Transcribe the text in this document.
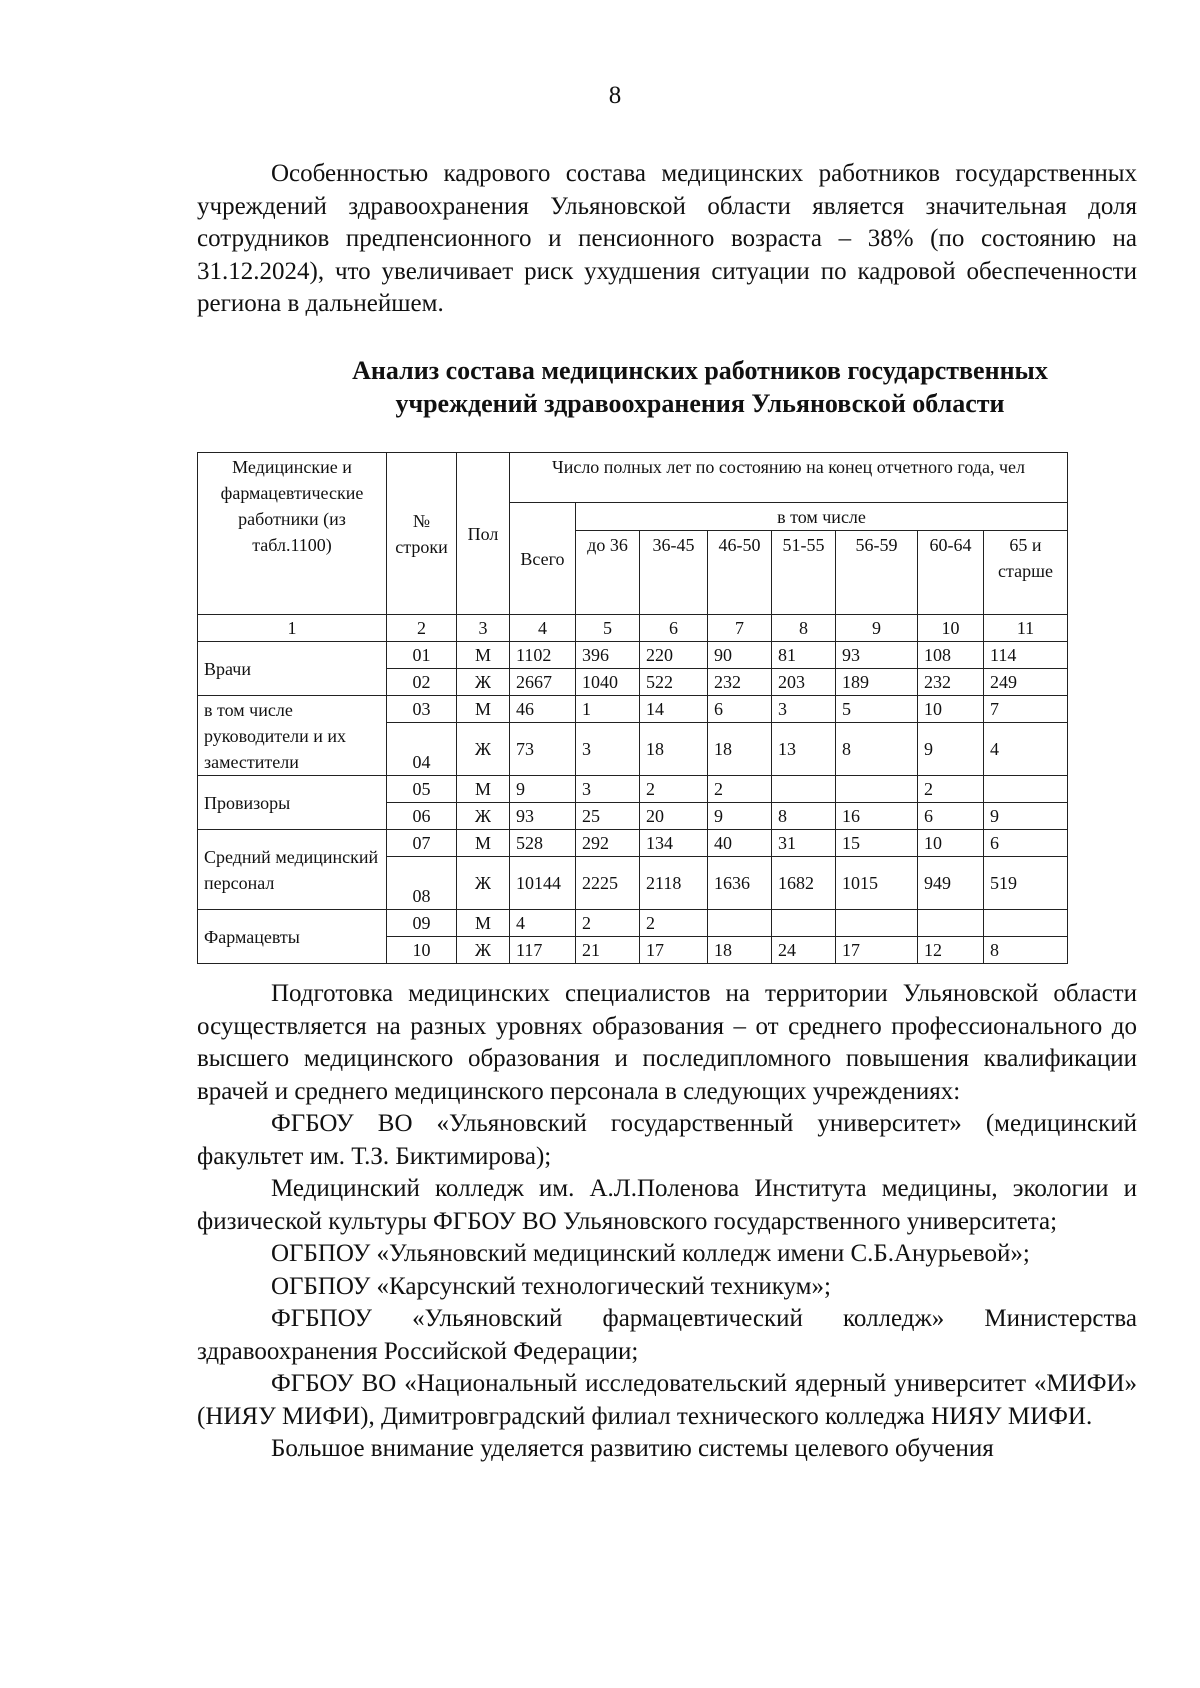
8

Особенностью кадрового состава медицинских работников государственных учреждений здравоохранения Ульяновской области является значительная доля сотрудников предпенсионного и пенсионного возраста – 38% (по состоянию на 31.12.2024), что увеличивает риск ухудшения ситуации по кадровой обеспеченности региона в дальнейшем.

Анализ состава медицинских работников государственных
учреждений здравоохранения Ульяновской области
Медицинские и фармацевтические работники (из табл.1100)	№ строки	Пол	Число полных лет по состоянию на конец отчетного года, чел							
			Всего	в том числе						
				до 36	36-45	46-50	51-55	56-59	60-64	65 и старше
1	2	3	4	5	6	7	8	9	10	11
Врачи	01	М	1102	396	220	90	81	93	108	114
	02	Ж	2667	1040	522	232	203	189	232	249
в том числе руководители и их заместители	03	М	46	1	14	6	3	5	10	7
	04	Ж	73	3	18	18	13	8	9	4
Провизоры	05	М	9	3	2	2			2	
	06	Ж	93	25	20	9	8	16	6	9
Средний медицинский персонал	07	М	528	292	134	40	31	15	10	6
	08	Ж	10144	2225	2118	1636	1682	1015	949	519
Фармацевты	09	М	4	2	2					
	10	Ж	117	21	17	18	24	17	12	8

Подготовка медицинских специалистов на территории Ульяновской области осуществляется на разных уровнях образования – от среднего профессионального до высшего медицинского образования и последипломного повышения квалификации врачей и среднего медицинского персонала в следующих учреждениях:

ФГБОУ ВО «Ульяновский государственный университет» (медицинский факультет им. Т.З. Биктимирова);

Медицинский колледж им. А.Л.Поленова Института медицины, экологии и физической культуры ФГБОУ ВО Ульяновского государственного университета;

ОГБПОУ «Ульяновский медицинский колледж имени С.Б.Анурьевой»;

ОГБПОУ «Карсунский технологический техникум»;

ФГБПОУ «Ульяновский фармацевтический колледж» Министерства здравоохранения Российской Федерации;

ФГБОУ ВО «Национальный исследовательский ядерный университет «МИФИ» (НИЯУ МИФИ), Димитровградский филиал технического колледжа НИЯУ МИФИ.

Большое внимание уделяется развитию системы целевого обучения
